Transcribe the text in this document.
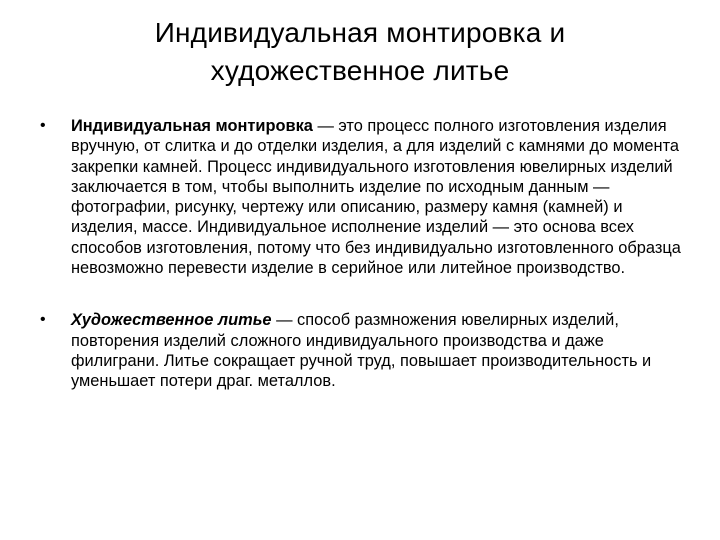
Индивидуальная монтировка и
художественное литье
• Индивидуальная монтировка — это процесс полного изготовления изделия вручную, от слитка и до отделки изделия, а для изделий с камнями до момента закрепки камней. Процесс индивидуального изготовления ювелирных изделий заключается в том, чтобы выполнить изделие по исходным данным — фотографии, рисунку, чертежу или описанию, размеру камня (камней) и изделия, массе. Индивидуальное исполнение изделий — это основа всех способов изготовления, потому что без индивидуально изготовленного образца невозможно перевести изделие в серийное или литейное производство.
• Художественное литье — способ размножения ювелирных изделий, повторения изделий сложного индивидуального производства и даже филиграни. Литье сокращает ручной труд, повышает производительность и уменьшает потери драг. металлов.
